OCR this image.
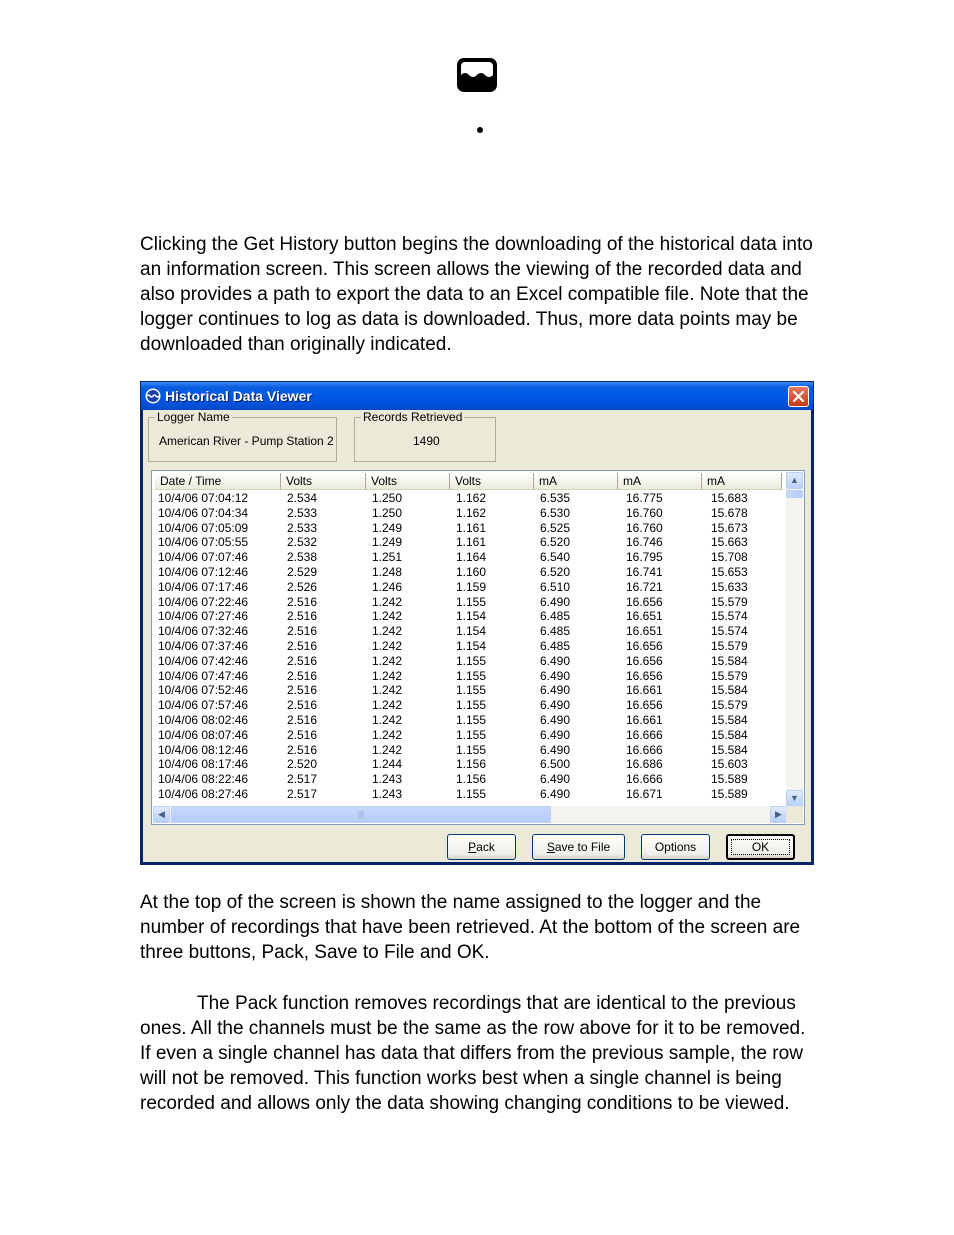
Clicking the Get History button begins the downloading of the historical data into an information screen. This screen allows the viewing of the recorded data and also provides a path to export the data to an Excel compatible file. Note that the logger continues to log as data is downloaded. Thus, more data points may be downloaded than originally indicated.

Historical Data Viewer
Logger Name
American River - Pump Station 2
Records Retrieved
1490
Date / Time	Volts	Volts	Volts	mA	mA	mA
10/4/06 07:04:12	2.534	1.250	1.162	6.535	16.775	15.683
10/4/06 07:04:34	2.533	1.250	1.162	6.530	16.760	15.678
10/4/06 07:05:09	2.533	1.249	1.161	6.525	16.760	15.673
10/4/06 07:05:55	2.532	1.249	1.161	6.520	16.746	15.663
10/4/06 07:07:46	2.538	1.251	1.164	6.540	16.795	15.708
10/4/06 07:12:46	2.529	1.248	1.160	6.520	16.741	15.653
10/4/06 07:17:46	2.526	1.246	1.159	6.510	16.721	15.633
10/4/06 07:22:46	2.516	1.242	1.155	6.490	16.656	15.579
10/4/06 07:27:46	2.516	1.242	1.154	6.485	16.651	15.574
10/4/06 07:32:46	2.516	1.242	1.154	6.485	16.651	15.574
10/4/06 07:37:46	2.516	1.242	1.154	6.485	16.656	15.579
10/4/06 07:42:46	2.516	1.242	1.155	6.490	16.656	15.584
10/4/06 07:47:46	2.516	1.242	1.155	6.490	16.656	15.579
10/4/06 07:52:46	2.516	1.242	1.155	6.490	16.661	15.584
10/4/06 07:57:46	2.516	1.242	1.155	6.490	16.656	15.579
10/4/06 08:02:46	2.516	1.242	1.155	6.490	16.661	15.584
10/4/06 08:07:46	2.516	1.242	1.155	6.490	16.666	15.584
10/4/06 08:12:46	2.516	1.242	1.155	6.490	16.666	15.584
10/4/06 08:17:46	2.520	1.244	1.156	6.500	16.686	15.603
10/4/06 08:22:46	2.517	1.243	1.156	6.490	16.666	15.589
10/4/06 08:27:46	2.517	1.243	1.155	6.490	16.671	15.589
▲
▼
◀	|||	▶
Pack	Save to File	Options	OK

At the top of the screen is shown the name assigned to the logger and the number of recordings that have been retrieved. At the bottom of the screen are three buttons, Pack, Save to File and OK.

The Pack function removes recordings that are identical to the previous ones. All the channels must be the same as the row above for it to be removed. If even a single channel has data that differs from the previous sample, the row will not be removed. This function works best when a single channel is being recorded and allows only the data showing changing conditions to be viewed.
